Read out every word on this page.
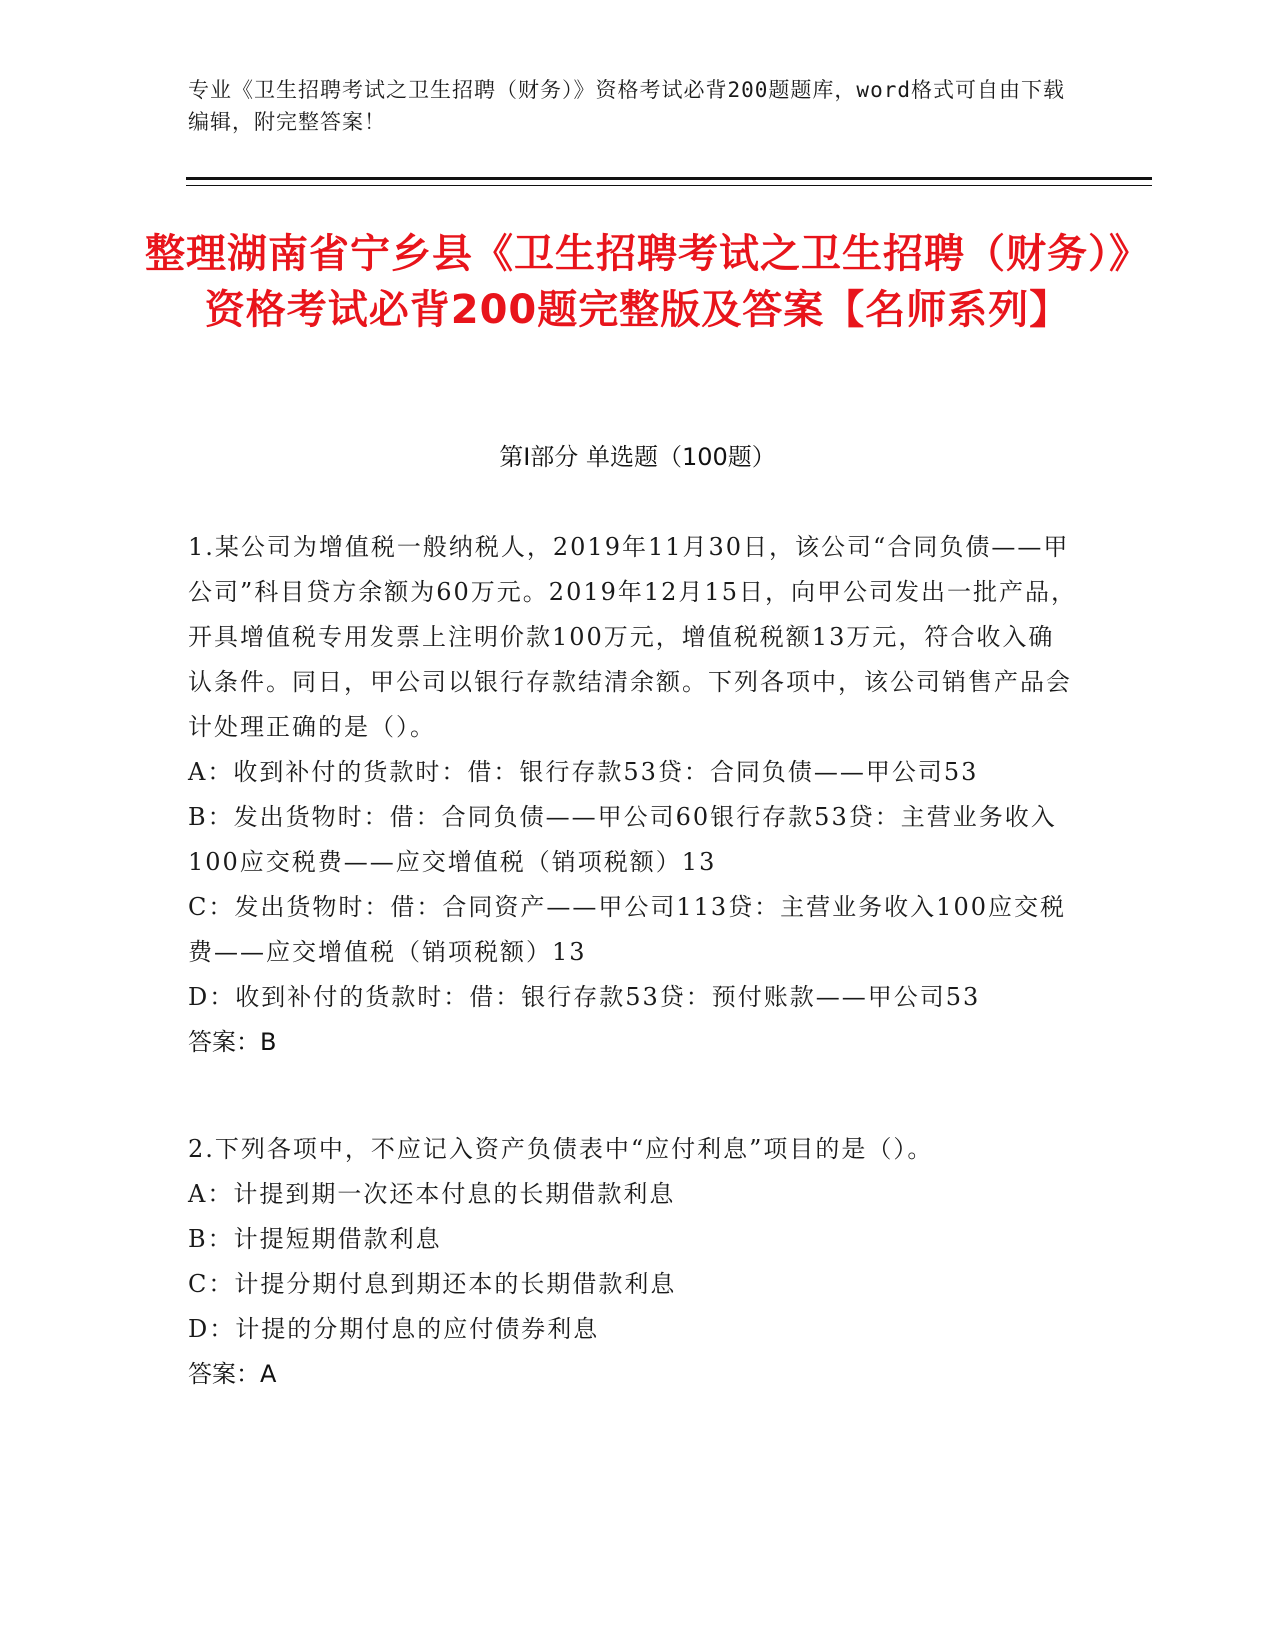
专业《卫生招聘考试之卫生招聘（财务）》资格考试必背200题题库，word格式可自由下载编辑，附完整答案！
整理湖南省宁乡县《卫生招聘考试之卫生招聘（财务）》资格考试必背200题完整版及答案【名师系列】
第Ⅰ部分 单选题（100题）
1.某公司为增值税一般纳税人，2019年11月30日，该公司“合同负债——甲公司”科目贷方余额为60万元。2019年12月15日，向甲公司发出一批产品，开具增值税专用发票上注明价款100万元，增值税税额13万元，符合收入确认条件。同日，甲公司以银行存款结清余额。下列各项中，该公司销售产品会计处理正确的是（）。
A：收到补付的货款时：借：银行存款53贷：合同负债——甲公司53
B：发出货物时：借：合同负债——甲公司60银行存款53贷：主营业务收入100应交税费——应交增值税（销项税额）13
C：发出货物时：借：合同资产——甲公司113贷：主营业务收入100应交税费——应交增值税（销项税额）13
D：收到补付的货款时：借：银行存款53贷：预付账款——甲公司53
答案：B
2.下列各项中，不应记入资产负债表中“应付利息”项目的是（）。
A：计提到期一次还本付息的长期借款利息
B：计提短期借款利息
C：计提分期付息到期还本的长期借款利息
D：计提的分期付息的应付债券利息
答案：A
